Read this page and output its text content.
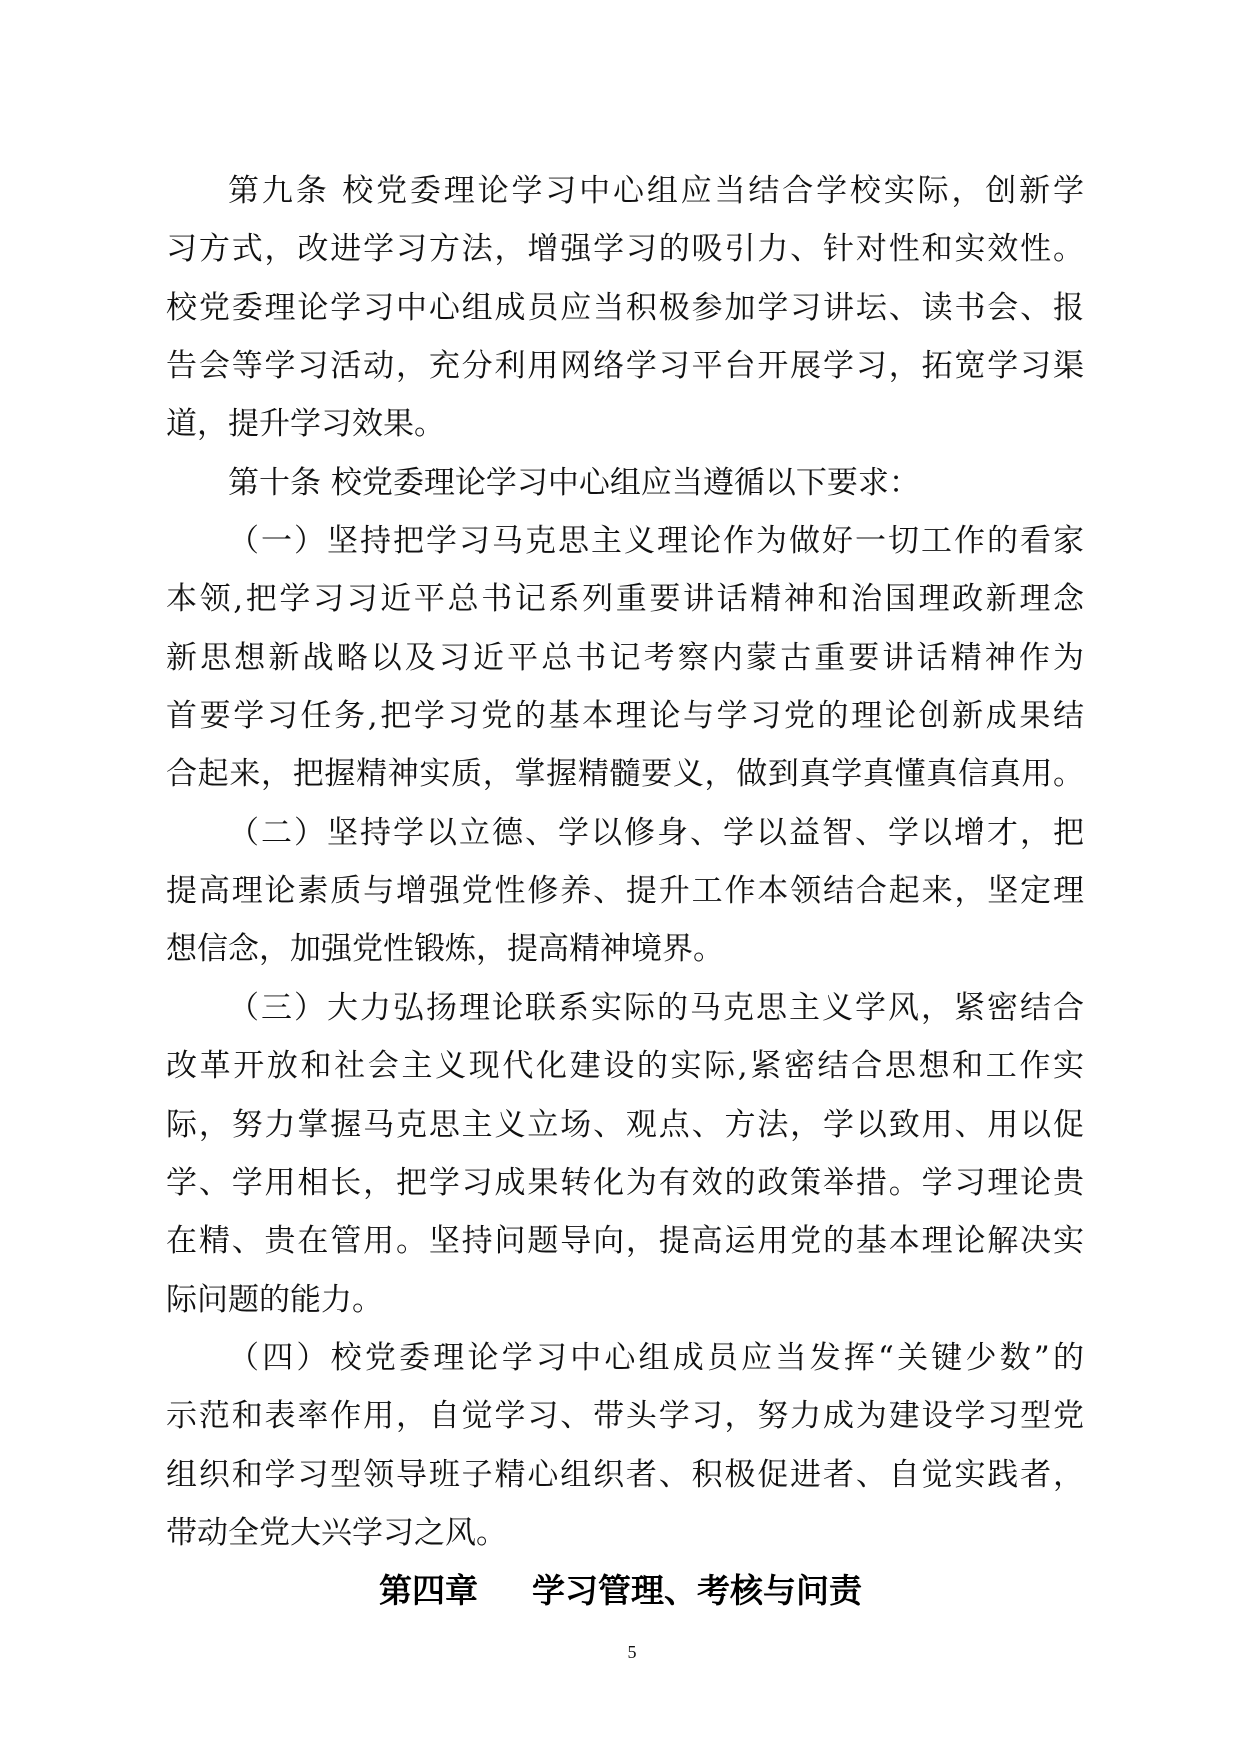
第九条 校党委理论学习中心组应当结合学校实际，创新学
习方式，改进学习方法，增强学习的吸引力、针对性和实效性。
校党委理论学习中心组成员应当积极参加学习讲坛、读书会、报
告会等学习活动，充分利用网络学习平台开展学习，拓宽学习渠
道，提升学习效果。
第十条 校党委理论学习中心组应当遵循以下要求：
（一）坚持把学习马克思主义理论作为做好一切工作的看家
本领,把学习习近平总书记系列重要讲话精神和治国理政新理念
新思想新战略以及习近平总书记考察内蒙古重要讲话精神作为
首要学习任务,把学习党的基本理论与学习党的理论创新成果结
合起来，把握精神实质，掌握精髓要义，做到真学真懂真信真用。
（二）坚持学以立德、学以修身、学以益智、学以增才，把
提高理论素质与增强党性修养、提升工作本领结合起来，坚定理
想信念，加强党性锻炼，提高精神境界。
（三）大力弘扬理论联系实际的马克思主义学风，紧密结合
改革开放和社会主义现代化建设的实际,紧密结合思想和工作实
际，努力掌握马克思主义立场、观点、方法，学以致用、用以促
学、学用相长，把学习成果转化为有效的政策举措。学习理论贵
在精、贵在管用。坚持问题导向，提高运用党的基本理论解决实
际问题的能力。
（四）校党委理论学习中心组成员应当发挥“关键少数”的
示范和表率作用，自觉学习、带头学习，努力成为建设学习型党
组织和学习型领导班子精心组织者、积极促进者、自觉实践者，
带动全党大兴学习之风。
第四章 学习管理、考核与问责
5
